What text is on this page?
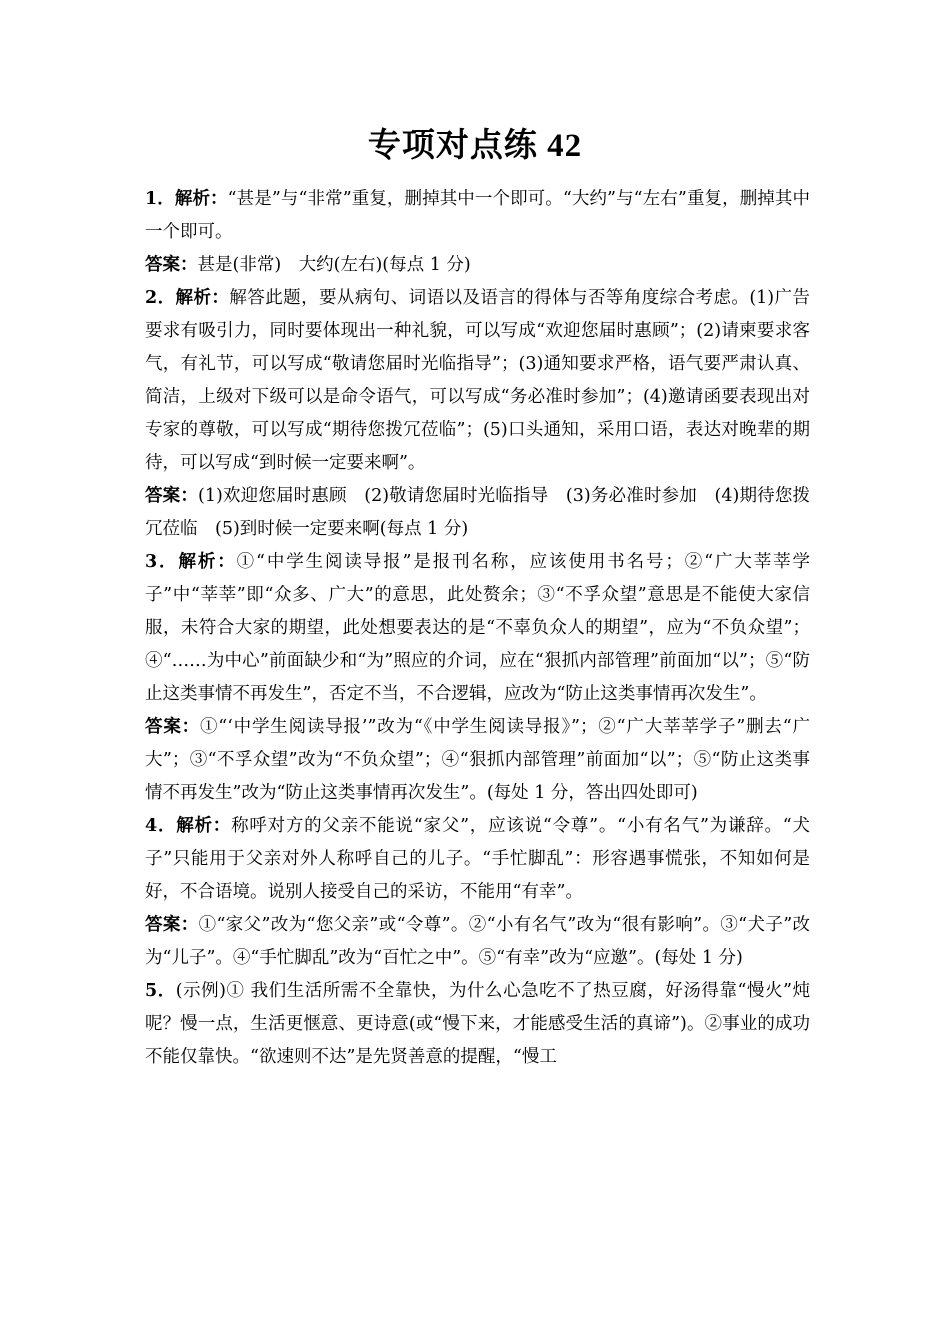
专项对点练 42

1．解析：“甚是”与“非常”重复，删掉其中一个即可。“大约”与“左右”重复，删掉其中一个即可。

答案：甚是(非常)　大约(左右)(每点 1 分)

2．解析：解答此题，要从病句、词语以及语言的得体与否等角度综合考虑。(1)广告要求有吸引力，同时要体现出一种礼貌，可以写成“欢迎您届时惠顾”；(2)请柬要求客气，有礼节，可以写成“敬请您届时光临指导”；(3)通知要求严格，语气要严肃认真、简洁，上级对下级可以是命令语气，可以写成“务必准时参加”；(4)邀请函要表现出对专家的尊敬，可以写成“期待您拨冗莅临”；(5)口头通知，采用口语，表达对晚辈的期待，可以写成“到时候一定要来啊”。

答案：(1)欢迎您届时惠顾　(2)敬请您届时光临指导　(3)务必准时参加　(4)期待您拨冗莅临　(5)到时候一定要来啊(每点 1 分)

3．解析：①“中学生阅读导报”是报刊名称，应该使用书名号；②“广大莘莘学子”中“莘莘”即“众多、广大”的意思，此处赘余；③“不孚众望”意思是不能使大家信服，未符合大家的期望，此处想要表达的是“不辜负众人的期望”，应为“不负众望”；④“……为中心”前面缺少和“为”照应的介词，应在“狠抓内部管理”前面加“以”；⑤“防止这类事情不再发生”，否定不当，不合逻辑，应改为“防止这类事情再次发生”。

答案：①“‘中学生阅读导报’”改为“《中学生阅读导报》”；②“广大莘莘学子”删去“广大”；③“不孚众望”改为“不负众望”；④“狠抓内部管理”前面加“以”；⑤“防止这类事情不再发生”改为“防止这类事情再次发生”。(每处 1 分，答出四处即可)

4．解析：称呼对方的父亲不能说“家父”，应该说“令尊”。“小有名气”为谦辞。“犬子”只能用于父亲对外人称呼自己的儿子。“手忙脚乱”：形容遇事慌张，不知如何是好，不合语境。说别人接受自己的采访，不能用“有幸”。

答案：①“家父”改为“您父亲”或“令尊”。②“小有名气”改为“很有影响”。③“犬子”改为“儿子”。④“手忙脚乱”改为“百忙之中”。⑤“有幸”改为“应邀”。(每处 1 分)

5．(示例)① 我们生活所需不全靠快，为什么心急吃不了热豆腐，好汤得靠“慢火”炖呢？慢一点，生活更惬意、更诗意(或“慢下来，才能感受生活的真谛”)。②事业的成功不能仅靠快。“欲速则不达”是先贤善意的提醒，“慢工
